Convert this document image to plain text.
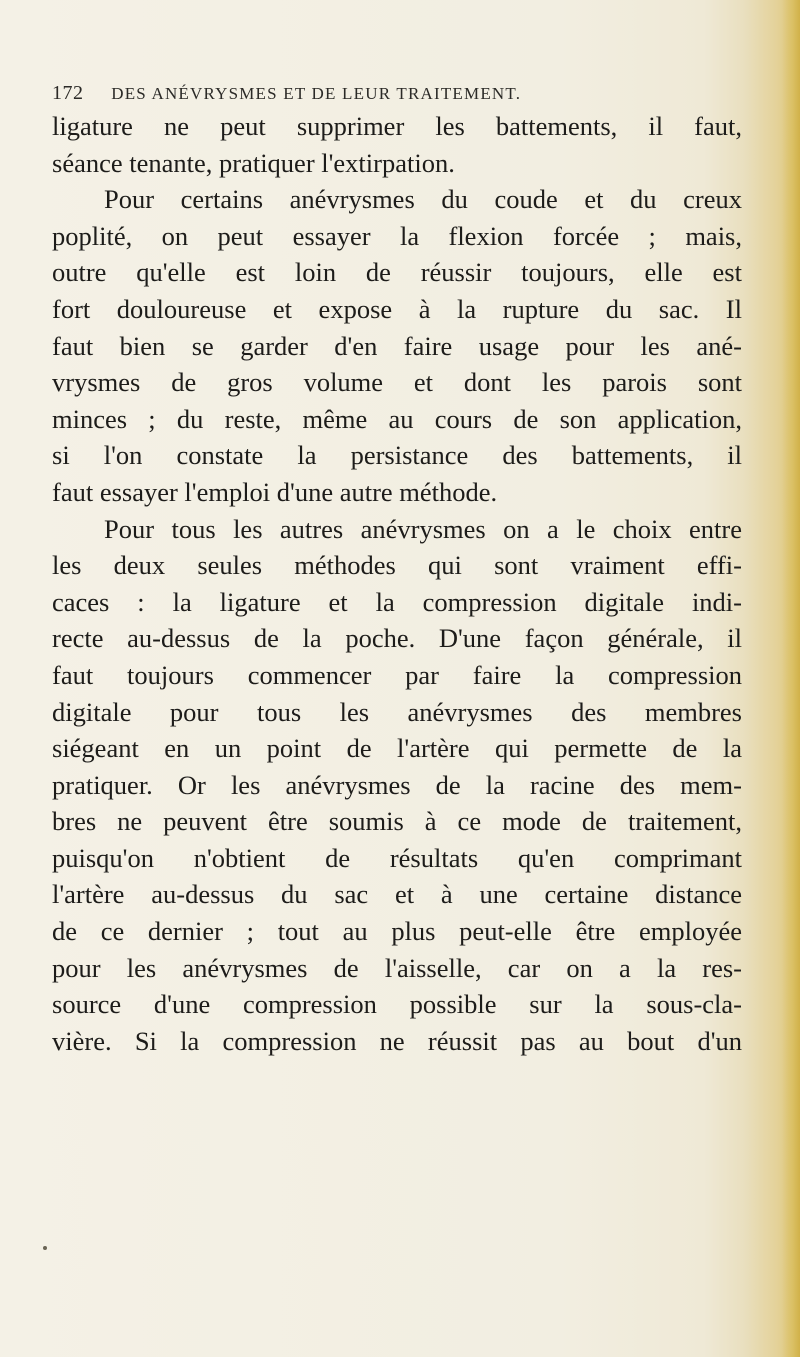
172 DES ANÉVRYSMES ET DE LEUR TRAITEMENT.
ligature ne peut supprimer les battements, il faut,
séance tenante, pratiquer l'extirpation.
Pour certains anévrysmes du coude et du creux
poplité, on peut essayer la flexion forcée ; mais,
outre qu'elle est loin de réussir toujours, elle est
fort douloureuse et expose à la rupture du sac. Il
faut bien se garder d'en faire usage pour les ané-
vrysmes de gros volume et dont les parois sont
minces ; du reste, même au cours de son application,
si l'on constate la persistance des battements, il
faut essayer l'emploi d'une autre méthode.
Pour tous les autres anévrysmes on a le choix entre
les deux seules méthodes qui sont vraiment effi-
caces : la ligature et la compression digitale indi-
recte au-dessus de la poche. D'une façon générale, il
faut toujours commencer par faire la compression
digitale pour tous les anévrysmes des membres
siégeant en un point de l'artère qui permette de la
pratiquer. Or les anévrysmes de la racine des mem-
bres ne peuvent être soumis à ce mode de traitement,
puisqu'on n'obtient de résultats qu'en comprimant
l'artère au-dessus du sac et à une certaine distance
de ce dernier ; tout au plus peut-elle être employée
pour les anévrysmes de l'aisselle, car on a la res-
source d'une compression possible sur la sous-cla-
vière. Si la compression ne réussit pas au bout d'un
